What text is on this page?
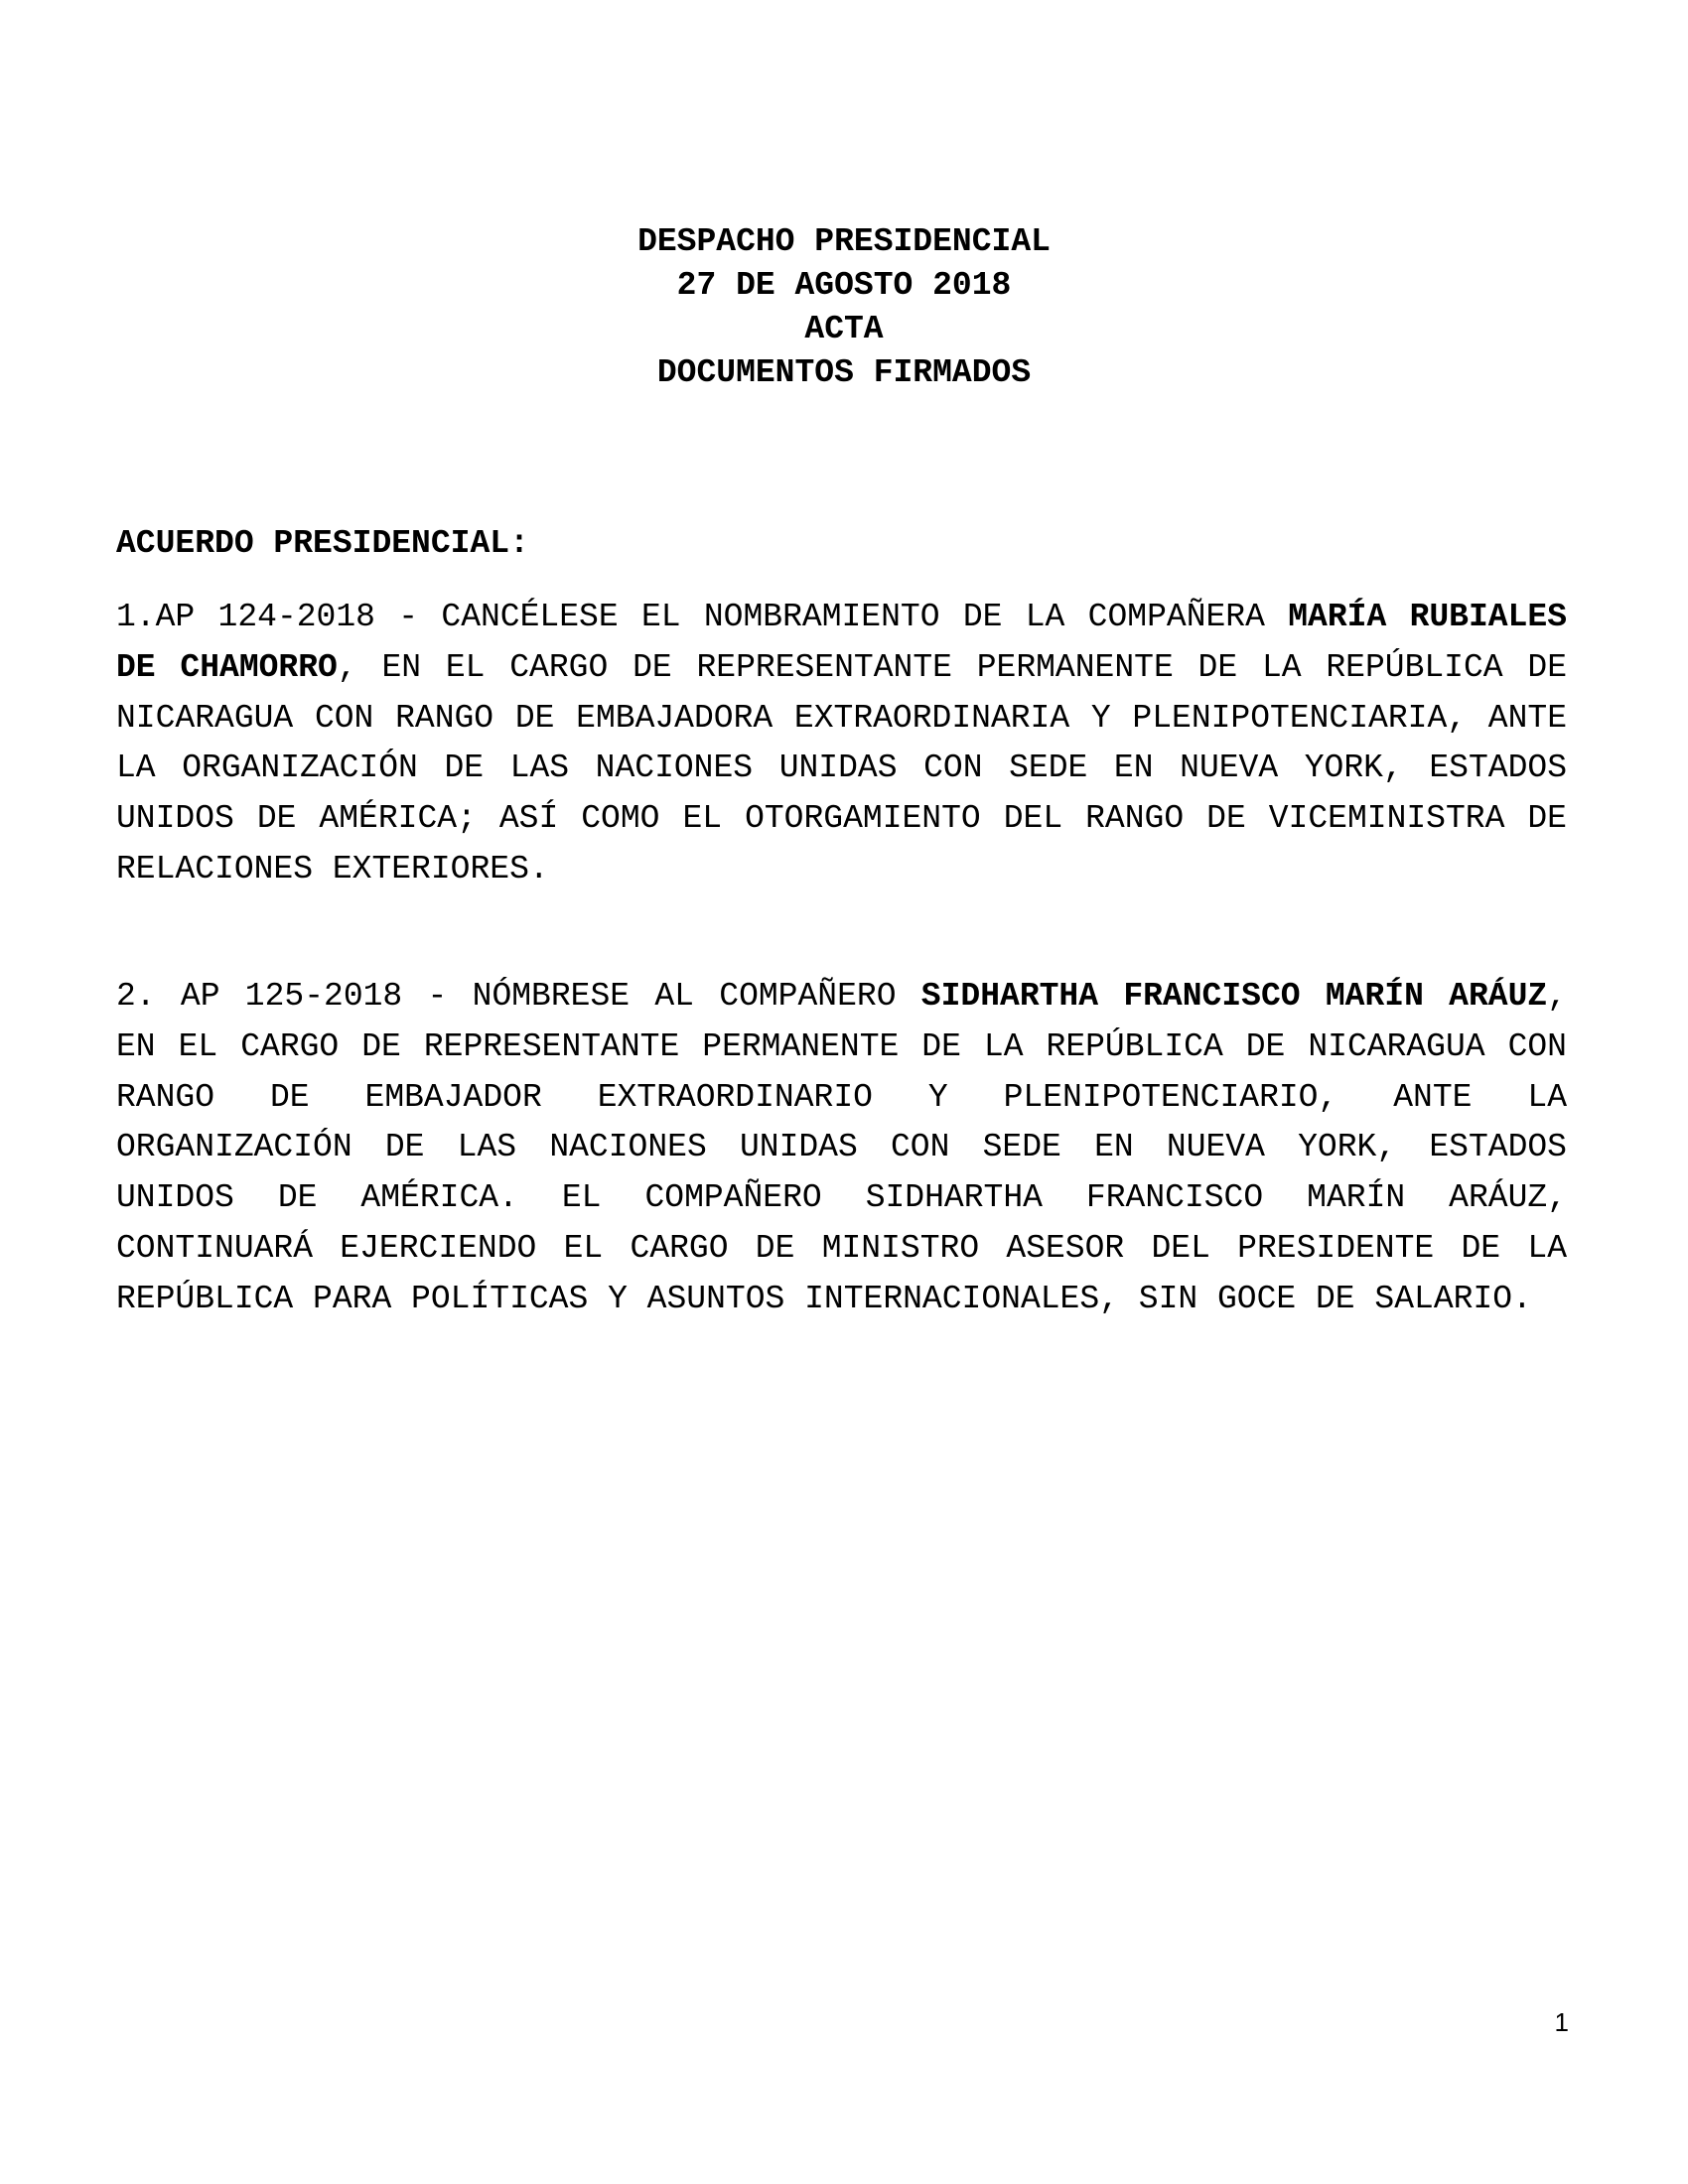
DESPACHO PRESIDENCIAL
27 DE AGOSTO 2018
ACTA
DOCUMENTOS FIRMADOS
ACUERDO PRESIDENCIAL:
1.AP 124-2018 - CANCÉLESE EL NOMBRAMIENTO DE LA COMPAÑERA MARÍA RUBIALES DE CHAMORRO, EN EL CARGO DE REPRESENTANTE PERMANENTE DE LA REPÚBLICA DE NICARAGUA CON RANGO DE EMBAJADORA EXTRAORDINARIA Y PLENIPOTENCIARIA, ANTE LA ORGANIZACIÓN DE LAS NACIONES UNIDAS CON SEDE EN NUEVA YORK, ESTADOS UNIDOS DE AMÉRICA; ASÍ COMO EL OTORGAMIENTO DEL RANGO DE VICEMINISTRA DE RELACIONES EXTERIORES.
2. AP 125-2018 - NÓMBRESE AL COMPAÑERO SIDHARTHA FRANCISCO MARÍN ARÁUZ, EN EL CARGO DE REPRESENTANTE PERMANENTE DE LA REPÚBLICA DE NICARAGUA CON RANGO DE EMBAJADOR EXTRAORDINARIO Y PLENIPOTENCIARIO, ANTE LA ORGANIZACIÓN DE LAS NACIONES UNIDAS CON SEDE EN NUEVA YORK, ESTADOS UNIDOS DE AMÉRICA. EL COMPAÑERO SIDHARTHA FRANCISCO MARÍN ARÁUZ, CONTINUARÁ EJERCIENDO EL CARGO DE MINISTRO ASESOR DEL PRESIDENTE DE LA REPÚBLICA PARA POLÍTICAS Y ASUNTOS INTERNACIONALES, SIN GOCE DE SALARIO.
1
